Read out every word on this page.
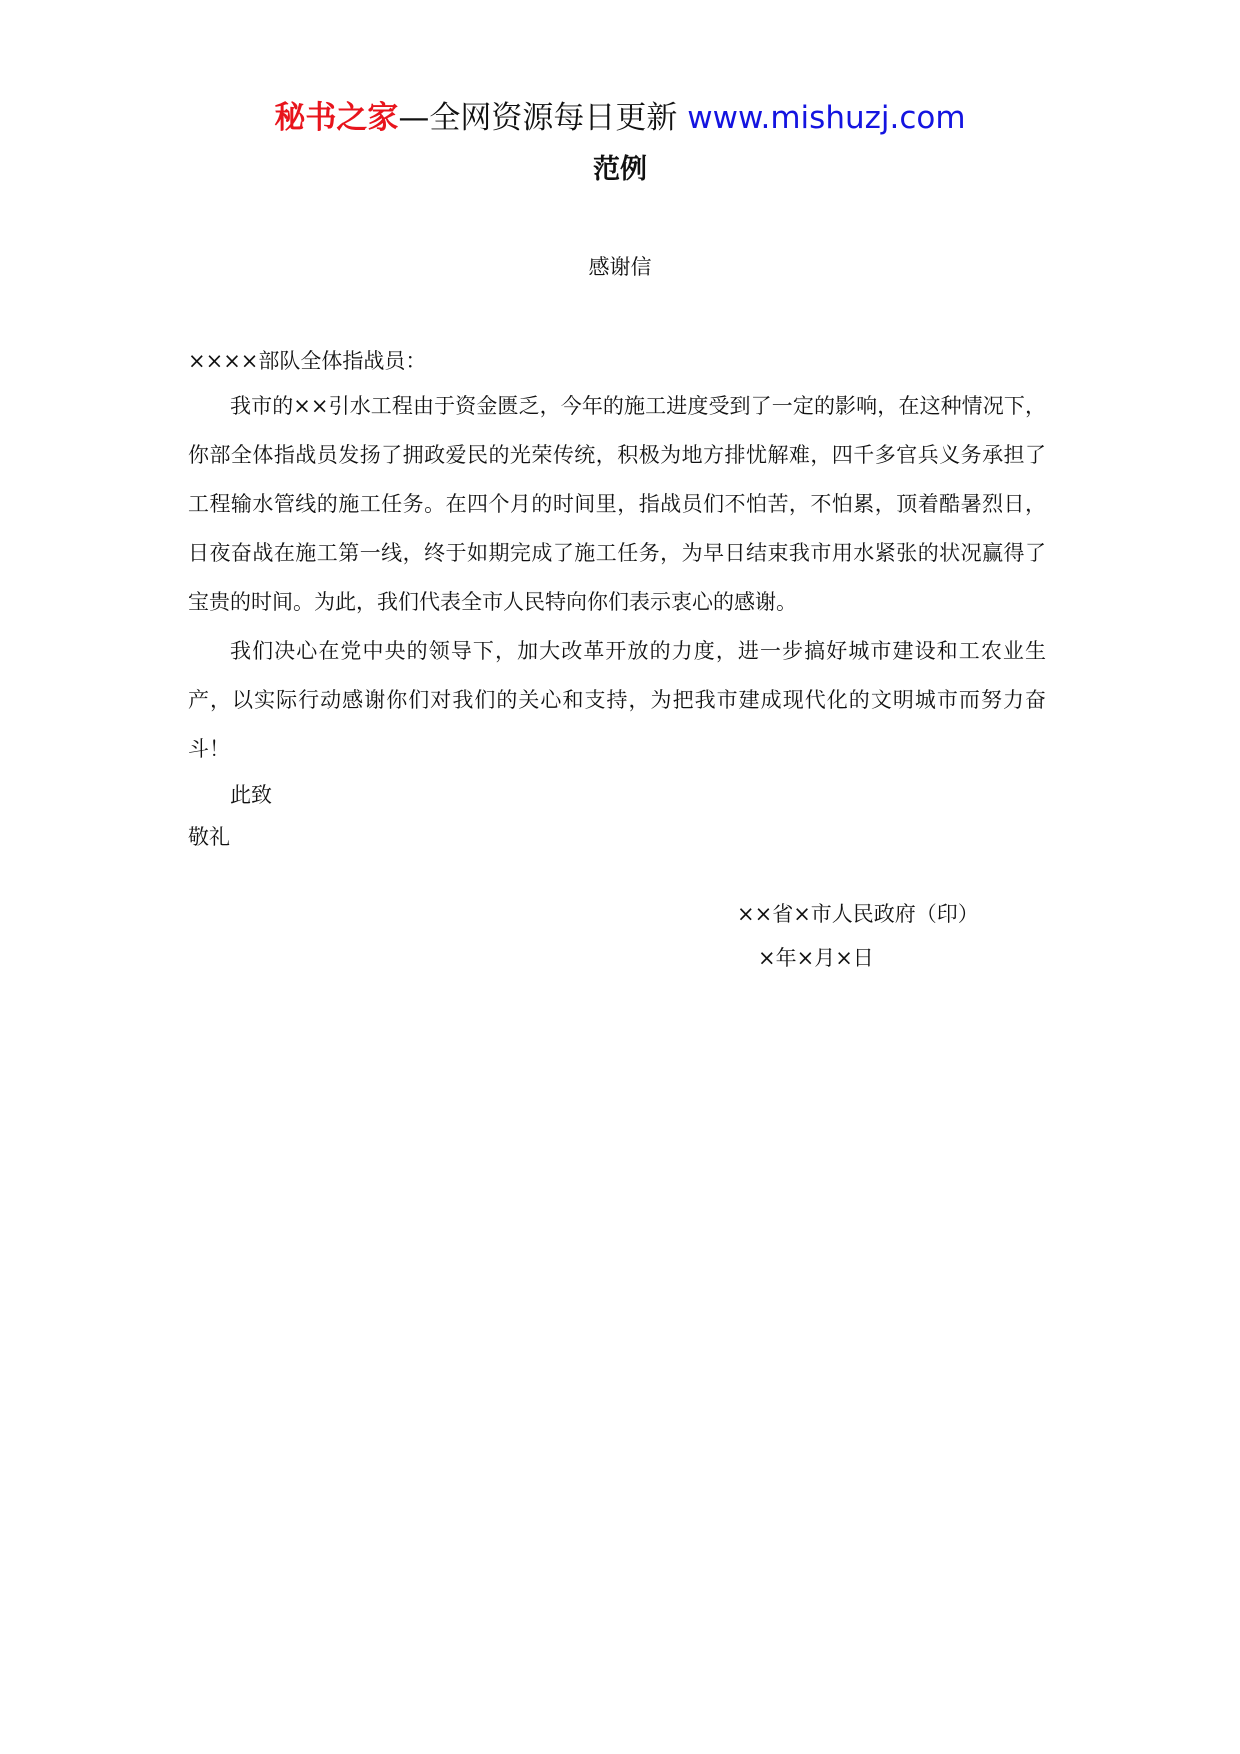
秘书之家—全网资源每日更新 www.mishuzj.com
范例
感谢信

××××部队全体指战员：

我市的××引水工程由于资金匮乏，今年的施工进度受到了一定的影响，在这种情况下，你部全体指战员发扬了拥政爱民的光荣传统，积极为地方排忧解难，四千多官兵义务承担了工程输水管线的施工任务。在四个月的时间里，指战员们不怕苦，不怕累，顶着酷暑烈日，日夜奋战在施工第一线，终于如期完成了施工任务，为早日结束我市用水紧张的状况赢得了宝贵的时间。为此，我们代表全市人民特向你们表示衷心的感谢。

我们决心在党中央的领导下，加大改革开放的力度，进一步搞好城市建设和工农业生产，以实际行动感谢你们对我们的关心和支持，为把我市建成现代化的文明城市而努力奋斗！

此致

敬礼

××省×市人民政府（印）
×年×月×日
